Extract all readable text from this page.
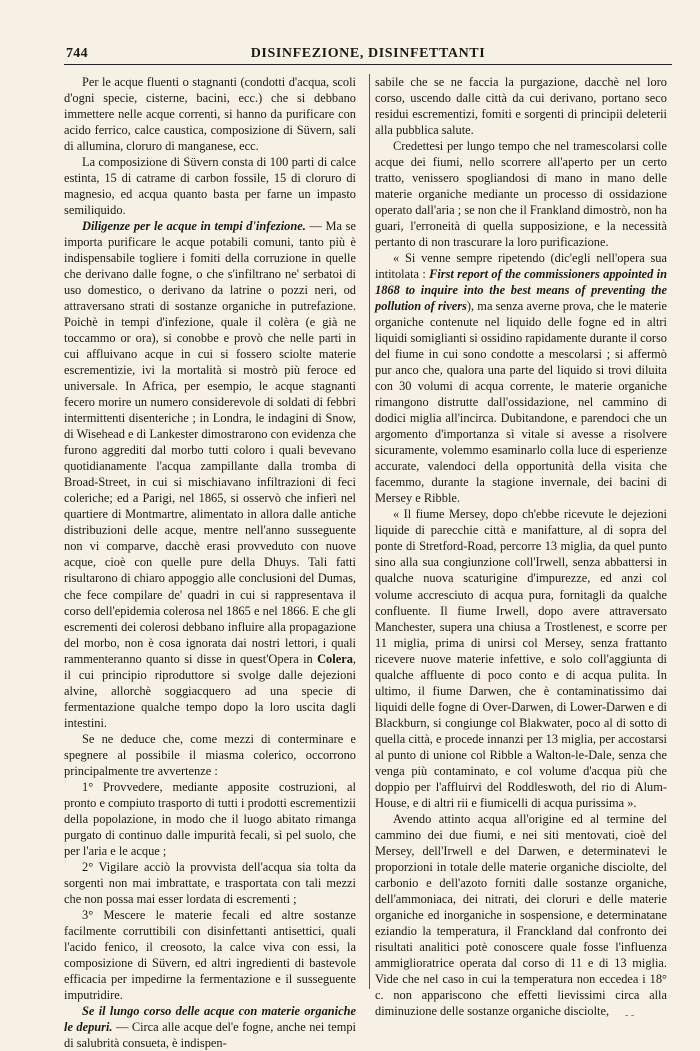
744	DISINFEZIONE, DISINFETTANTI

Per le acque fluenti o stagnanti (condotti d'acqua, scoli d'ogni specie, cisterne, bacini, ecc.) che si debbano immettere nelle acque correnti, si hanno da purificare con acido ferrico, calce caustica, composizione di Süvern, sali di allumina, cloruro di manganese, ecc.

La composizione di Süvern consta di 100 parti di calce estinta, 15 di catrame di carbon fossile, 15 di cloruro di magnesio, ed acqua quanto basta per farne un impasto semiliquido.

Diligenze per le acque in tempi d'infezione. — Ma se importa purificare le acque potabili comuni, tanto più è indispensabile togliere i fomiti della corruzione in quelle che derivano dalle fogne, o che s'infiltrano ne' serbatoi di uso domestico, o derivano da latrine o pozzi neri, od attraversano strati di sostanze organiche in putrefazione. Poichè in tempi d'infezione, quale il colèra (e già ne toccammo or ora), si conobbe e provò che nelle parti in cui affluivano acque in cui si fossero sciolte materie escrementizie, ivi la mortalità si mostrò più feroce ed universale. In Africa, per esempio, le acque stagnanti fecero morire un numero considerevole di soldati di febbri intermittenti disenteriche ; in Londra, le indagini di Snow, di Wisehead e di Lankester dimostrarono con evidenza che furono aggrediti dal morbo tutti coloro i quali bevevano quotidianamente l'acqua zampillante dalla tromba di Broad-Street, in cui si mischiavano infiltrazioni di feci coleriche; ed a Parigi, nel 1865, si osservò che infierì nel quartiere di Montmartre, alimentato in allora dalle antiche distribuzioni delle acque, mentre nell'anno susseguente non vi comparve, dacchè erasi provveduto con nuove acque, cioè con quelle pure della Dhuys. Tali fatti risultarono di chiaro appoggio alle conclusioni del Dumas, che fece compilare de' quadri in cui si rappresentava il corso dell'epidemia colerosa nel 1865 e nel 1866. E che gli escrementi dei colerosi debbano influire alla propagazione del morbo, non è cosa ignorata dai nostri lettori, i quali rammenteranno quanto si disse in quest'Opera in Colera, il cui principio riproduttore si svolge dalle dejezioni alvine, allorchè soggiacquero ad una specie di fermentazione qualche tempo dopo la loro uscita dagli intestini.

Se ne deduce che, come mezzi di conterminare e spegnere al possibile il miasma colerico, occorrono principalmente tre avvertenze :

1° Provvedere, mediante apposite costruzioni, al pronto e compiuto trasporto di tutti i prodotti escrementizii della popolazione, in modo che il luogo abitato rimanga purgato di continuo dalle impurità fecali, sì pel suolo, che per l'aria e le acque ;

2° Vigilare acciò la provvista dell'acqua sia tolta da sorgenti non mai imbrattate, e trasportata con tali mezzi che non possa mai esser lordata di escrementi ;

3° Mescere le materie fecali ed altre sostanze facilmente corruttibili con disinfettanti antisettici, quali l'acido fenico, il creosoto, la calce viva con essi, la composizione di Süvern, ed altri ingredienti di bastevole efficacia per impedirne la fermentazione e il susseguente imputridire.

Se il lungo corso delle acque con materie organiche le depuri. — Circa alle acque del'e fogne, anche nei tempi di salubrità consueta, è indispen-

sabile che se ne faccia la purgazione, dacchè nel loro corso, uscendo dalle città da cui derivano, portano seco residui escrementizi, fomiti e sorgenti di principii deleterii alla pubblica salute.

Credettesi per lungo tempo che nel tramescolarsi colle acque dei fiumi, nello scorrere all'aperto per un certo tratto, venissero spogliandosi di mano in mano delle materie organiche mediante un processo di ossidazione operato dall'aria ; se non che il Frankland dimostrò, non ha guari, l'erroneità di quella supposizione, e la necessità pertanto di non trascurare la loro purificazione.

« Si venne sempre ripetendo (dic'egli nell'opera sua intitolata : First report of the commissioners appointed in 1868 to inquire into the best means of preventing the pollution of rivers), ma senza averne prova, che le materie organiche contenute nel liquido delle fogne ed in altri liquidi somiglianti si ossidino rapidamente durante il corso del fiume in cui sono condotte a mescolarsi ; si affermò pur anco che, qualora una parte del liquido si trovi diluita con 30 volumi di acqua corrente, le materie organiche rimangono distrutte dall'ossidazione, nel cammino di dodici miglia all'incirca. Dubitandone, e parendoci che un argomento d'importanza sì vitale si avesse a risolvere sicuramente, volemmo esaminarlo colla luce di esperienze accurate, valendoci della opportunità della visita che facemmo, durante la stagione invernale, dei bacini di Mersey e Ribble.

« Il fiume Mersey, dopo ch'ebbe ricevute le dejezioni liquide di parecchie città e manifatture, al di sopra del ponte di Stretford-Road, percorre 13 miglia, da quel punto sino alla sua congiunzione coll'Irwell, senza abbattersi in qualche nuova scaturigine d'impurezze, ed anzi col volume accresciuto di acqua pura, fornitagli da qualche confluente. Il fiume Irwell, dopo avere attraversato Manchester, supera una chiusa a Trostlenest, e scorre per 11 miglia, prima di unirsi col Mersey, senza frattanto ricevere nuove materie infettive, e solo coll'aggiunta di qualche affluente di poco conto e di acqua pulita. In ultimo, il fiume Darwen, che è contaminatissimo dai liquidi delle fogne di Over-Darwen, di Lower-Darwen e di Blackburn, si congiunge col Blakwater, poco al di sotto di quella città, e procede innanzi per 13 miglia, per accostarsi al punto di unione col Ribble a Walton-le-Dale, senza che venga più contaminato, e col volume d'acqua più che doppio per l'affluirvi del Roddleswoth, del rio di Alum-House, e di altri rii e fiumicelli di acqua purissima ».

Avendo attinto acqua all'origine ed al termine del cammino dei due fiumi, e nei siti mentovati, cioè del Mersey, dell'Irwell e del Darwen, e determinatevi le proporzioni in totale delle materie organiche disciolte, del carbonio e dell'azoto forniti dalle sostanze organiche, dell'ammoniaca, dei nitrati, dei cloruri e delle materie organiche ed inorganiche in sospensione, e determinatane eziandio la temperatura, il Franckland dal confronto dei risultati analitici potè conoscere quale fosse l'influenza ammiglioratrice operata dal corso di 11 e di 13 miglia. Vide che nel caso in cui la temperatura non eccedea i 18° c. non appariscono che effetti lievissimi circa alla diminuzione delle sostanze organiche disciolte,	- -
